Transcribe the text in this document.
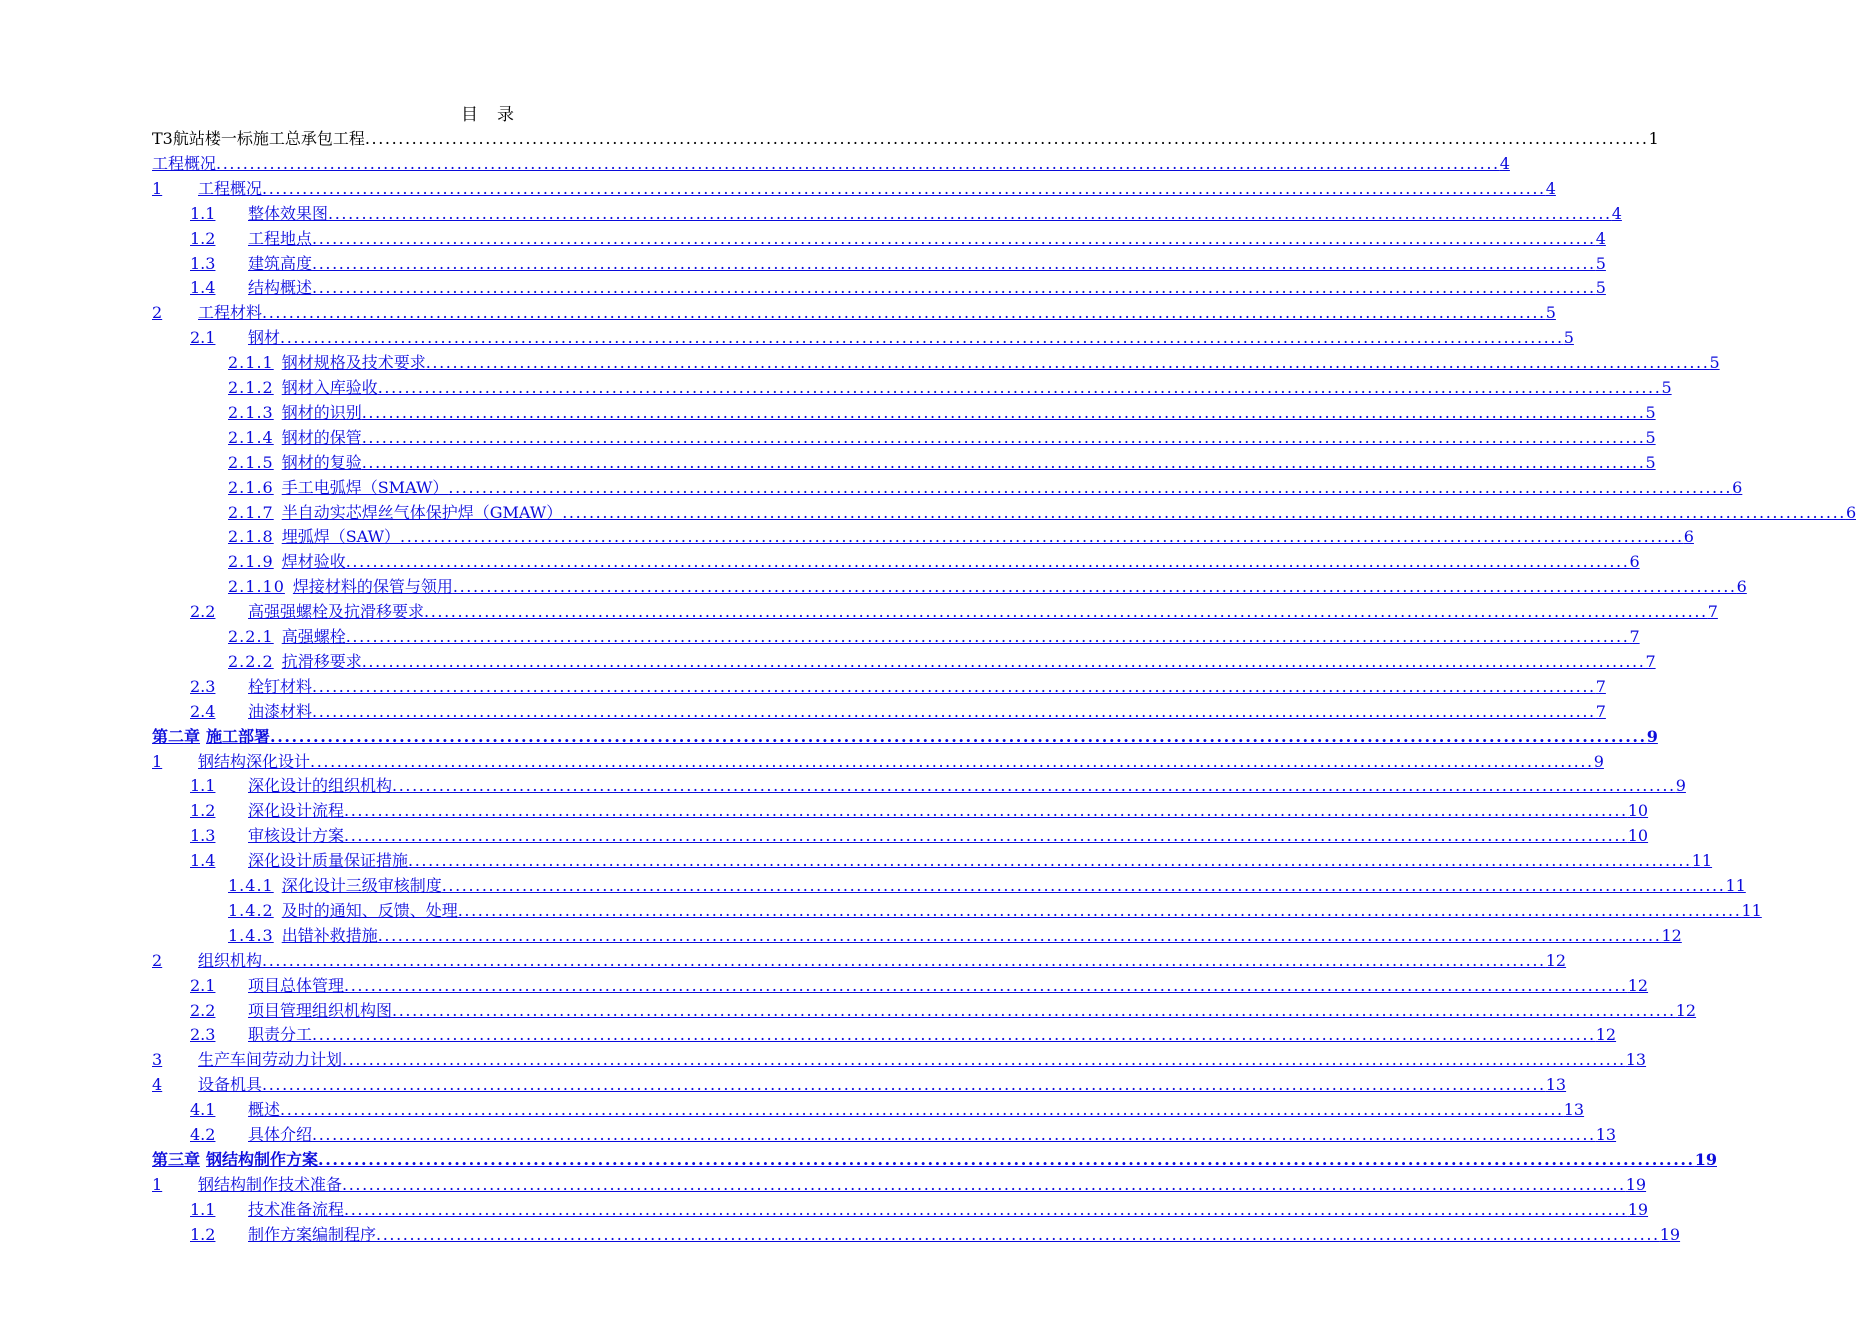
目　录
T3航站楼一标施工总承包工程 ................................................................................................................................................................................................ 1
工程概况 ................................................................................................................................................................................................ 4
1	工程概况 ................................................................................................................................................................................................ 4
1.1	整体效果图 ................................................................................................................................................................................................ 4
1.2	工程地点 ................................................................................................................................................................................................ 4
1.3	建筑高度 ................................................................................................................................................................................................ 5
1.4	结构概述 ................................................................................................................................................................................................ 5
2	工程材料 ................................................................................................................................................................................................ 5
2.1	钢材 ................................................................................................................................................................................................ 5
2.1.1 钢材规格及技术要求 ................................................................................................................................................................................................ 5
2.1.2 钢材入库验收 ................................................................................................................................................................................................ 5
2.1.3 钢材的识别 ................................................................................................................................................................................................ 5
2.1.4 钢材的保管 ................................................................................................................................................................................................ 5
2.1.5 钢材的复验 ................................................................................................................................................................................................ 5
2.1.6 手工电弧焊（SMAW） ................................................................................................................................................................................................ 6
2.1.7 半自动实芯焊丝气体保护焊（GMAW） ................................................................................................................................................................................................ 6
2.1.8 埋弧焊（SAW） ................................................................................................................................................................................................ 6
2.1.9 焊材验收 ................................................................................................................................................................................................ 6
2.1.10 焊接材料的保管与领用 ................................................................................................................................................................................................ 6
2.2	高强强螺栓及抗滑移要求 ................................................................................................................................................................................................ 7
2.2.1 高强螺栓 ................................................................................................................................................................................................ 7
2.2.2 抗滑移要求 ................................................................................................................................................................................................ 7
2.3	栓钉材料 ................................................................................................................................................................................................ 7
2.4	油漆材料 ................................................................................................................................................................................................ 7
第二章 施工部署 ................................................................................................................................................................................................ 9
1	钢结构深化设计 ................................................................................................................................................................................................ 9
1.1	深化设计的组织机构 ................................................................................................................................................................................................ 9
1.2	深化设计流程 ................................................................................................................................................................................................ 10
1.3	审核设计方案 ................................................................................................................................................................................................ 10
1.4	深化设计质量保证措施 ................................................................................................................................................................................................ 11
1.4.1 深化设计三级审核制度 ................................................................................................................................................................................................ 11
1.4.2 及时的通知、反馈、处理 ................................................................................................................................................................................................ 11
1.4.3 出错补救措施 ................................................................................................................................................................................................ 12
2	组织机构 ................................................................................................................................................................................................ 12
2.1	项目总体管理 ................................................................................................................................................................................................ 12
2.2	项目管理组织机构图 ................................................................................................................................................................................................ 12
2.3	职责分工 ................................................................................................................................................................................................ 12
3	生产车间劳动力计划 ................................................................................................................................................................................................ 13
4	设备机具 ................................................................................................................................................................................................ 13
4.1	概述 ................................................................................................................................................................................................ 13
4.2	具体介绍 ................................................................................................................................................................................................ 13
第三章 钢结构制作方案 ................................................................................................................................................................................................ 19
1	钢结构制作技术准备 ................................................................................................................................................................................................ 19
1.1	技术准备流程 ................................................................................................................................................................................................ 19
1.2	制作方案编制程序 ................................................................................................................................................................................................ 19
